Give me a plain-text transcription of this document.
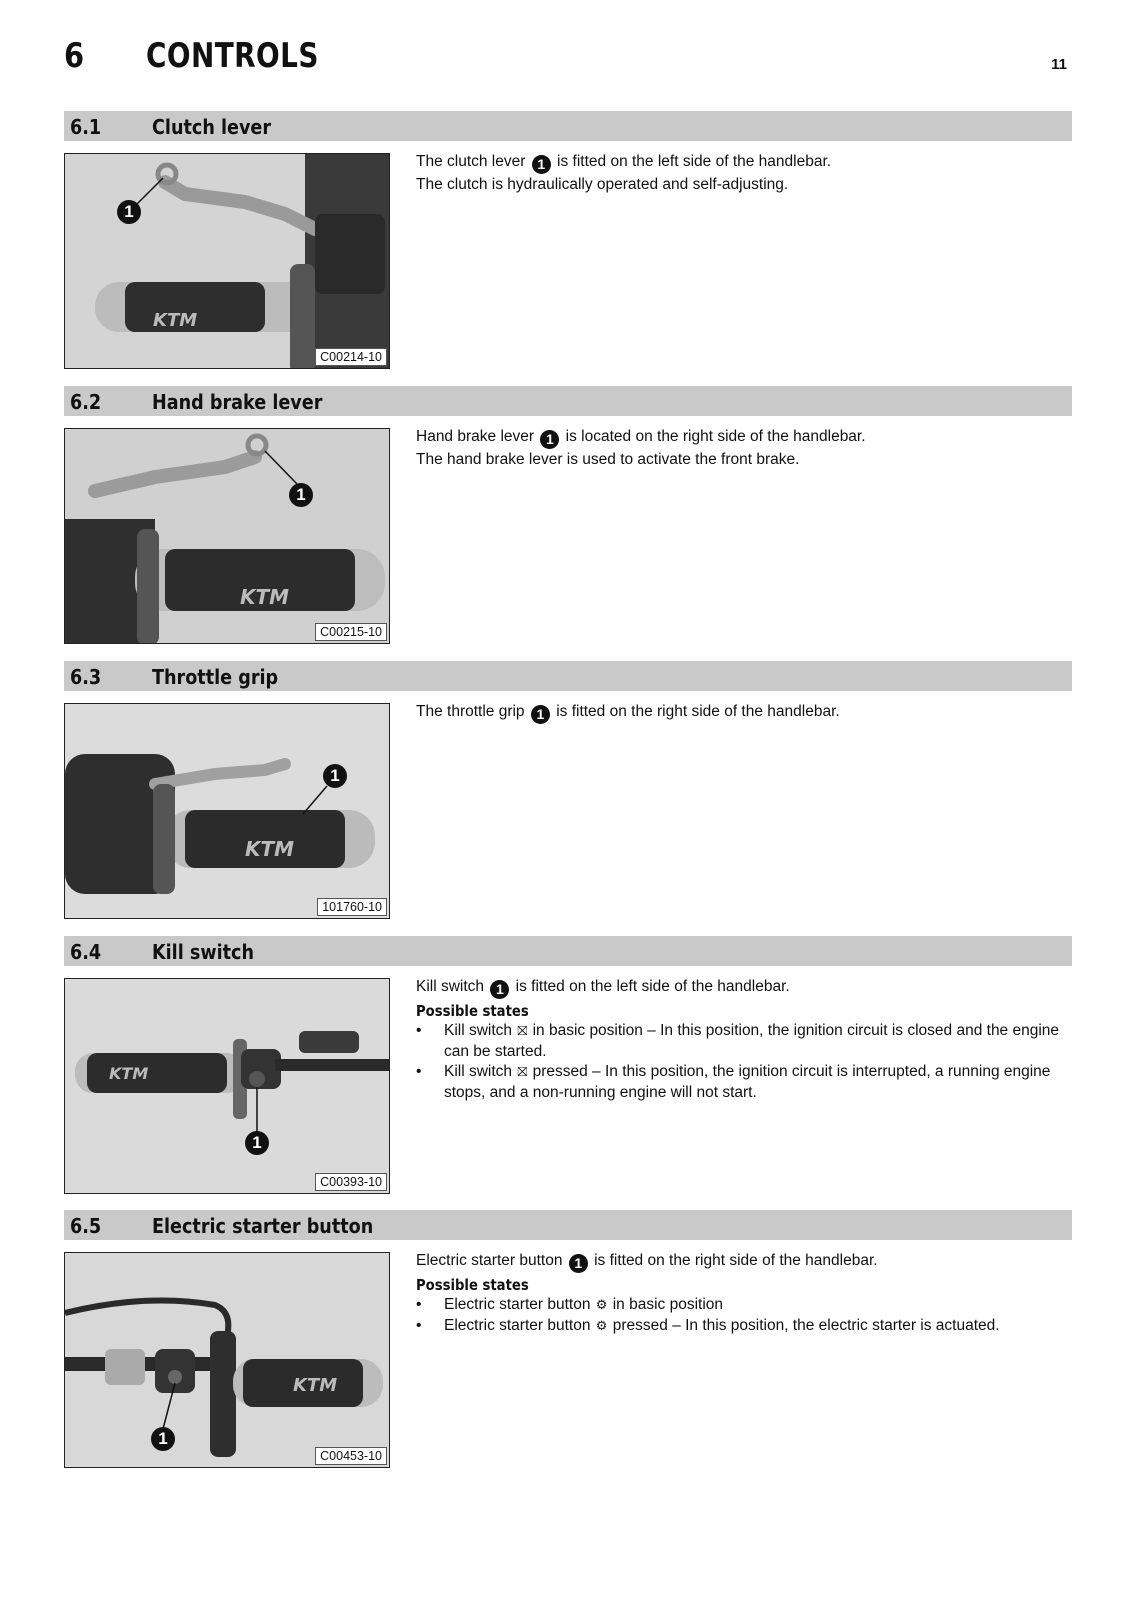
6 CONTROLS	11
6.1	Clutch lever
KTM
1
C00214-10

The clutch lever 1 is fitted on the left side of the handlebar.

The clutch is hydraulically operated and self-adjusting.

6.2	Hand brake lever
KTM
1
C00215-10

Hand brake lever 1 is located on the right side of the handlebar.

The hand brake lever is used to activate the front brake.

6.3	Throttle grip
KTM
1
101760-10

The throttle grip 1 is fitted on the right side of the handlebar.

6.4	Kill switch
KTM
1
C00393-10

Kill switch 1 is fitted on the left side of the handlebar.

Possible states
• Kill switch ⛝ in basic position – In this position, the ignition circuit is closed and the engine can be started.
• Kill switch ⛝ pressed – In this position, the ignition circuit is interrupted, a running engine stops, and a non-running engine will not start.
6.5	Electric starter button
KTM
1
C00453-10

Electric starter button 1 is fitted on the right side of the handlebar.

Possible states
• Electric starter button ⚙ in basic position
• Electric starter button ⚙ pressed – In this position, the electric starter is actuated.
